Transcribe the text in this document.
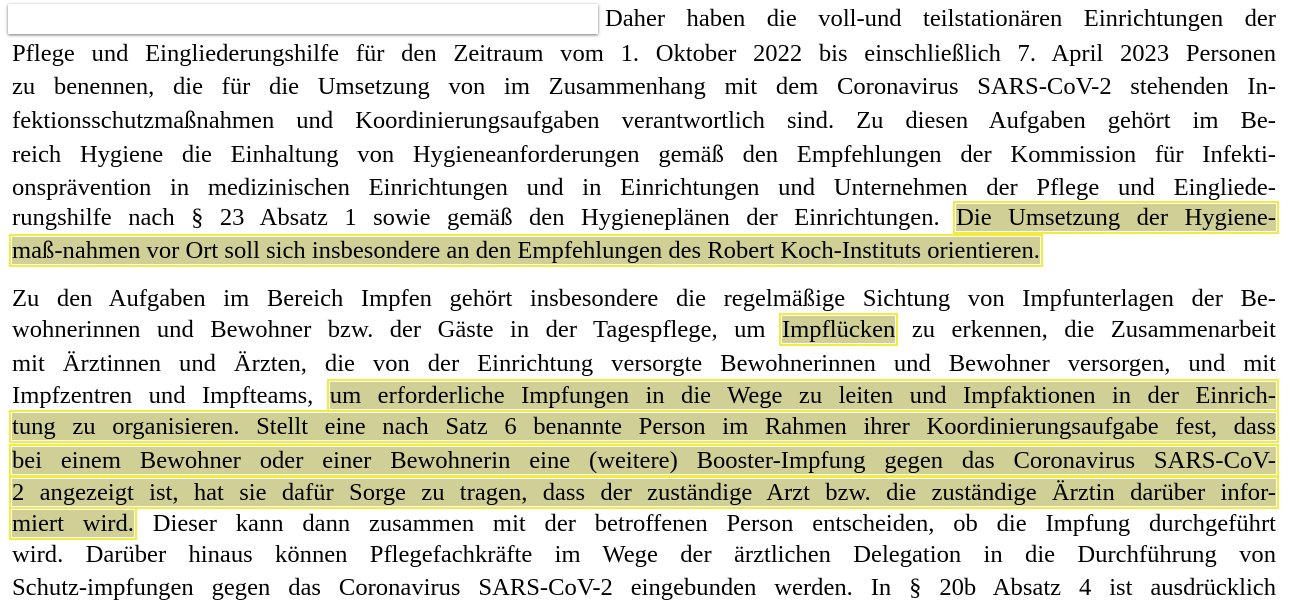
Daher haben die voll-und teilstationären Einrichtungen der
Pflege und Eingliederungshilfe für den Zeitraum vom 1. Oktober 2022 bis einschließlich 7. April 2023 Personen
zu benennen, die für die Umsetzung von im Zusammenhang mit dem Coronavirus SARS-CoV-2 stehenden In-
fektionsschutzmaßnahmen und Koordinierungsaufgaben verantwortlich sind. Zu diesen Aufgaben gehört im Be-
reich Hygiene die Einhaltung von Hygieneanforderungen gemäß den Empfehlungen der Kommission für Infekti-
onsprävention in medizinischen Einrichtungen und in Einrichtungen und Unternehmen der Pflege und Eingliede-
rungshilfe nach § 23 Absatz 1 sowie gemäß den Hygieneplänen der Einrichtungen. Die Umsetzung der Hygiene-
maß-nahmen vor Ort soll sich insbesondere an den Empfehlungen des Robert Koch-Instituts orientieren.
Zu den Aufgaben im Bereich Impfen gehört insbesondere die regelmäßige Sichtung von Impfunterlagen der Be-
wohnerinnen und Bewohner bzw. der Gäste in der Tagespflege, um Impflücken zu erkennen, die Zusammenarbeit
mit Ärztinnen und Ärzten, die von der Einrichtung versorgte Bewohnerinnen und Bewohner versorgen, und mit
Impfzentren und Impfteams, um erforderliche Impfungen in die Wege zu leiten und Impfaktionen in der Einrich-
tung zu organisieren. Stellt eine nach Satz 6 benannte Person im Rahmen ihrer Koordinierungsaufgabe fest, dass
bei einem Bewohner oder einer Bewohnerin eine (weitere) Booster-Impfung gegen das Coronavirus SARS-CoV-
2 angezeigt ist, hat sie dafür Sorge zu tragen, dass der zuständige Arzt bzw. die zuständige Ärztin darüber infor-
miert wird. Dieser kann dann zusammen mit der betroffenen Person entscheiden, ob die Impfung durchgeführt
wird. Darüber hinaus können Pflegefachkräfte im Wege der ärztlichen Delegation in die Durchführung von
Schutz-impfungen gegen das Coronavirus SARS-CoV-2 eingebunden werden. In § 20b Absatz 4 ist ausdrücklich
